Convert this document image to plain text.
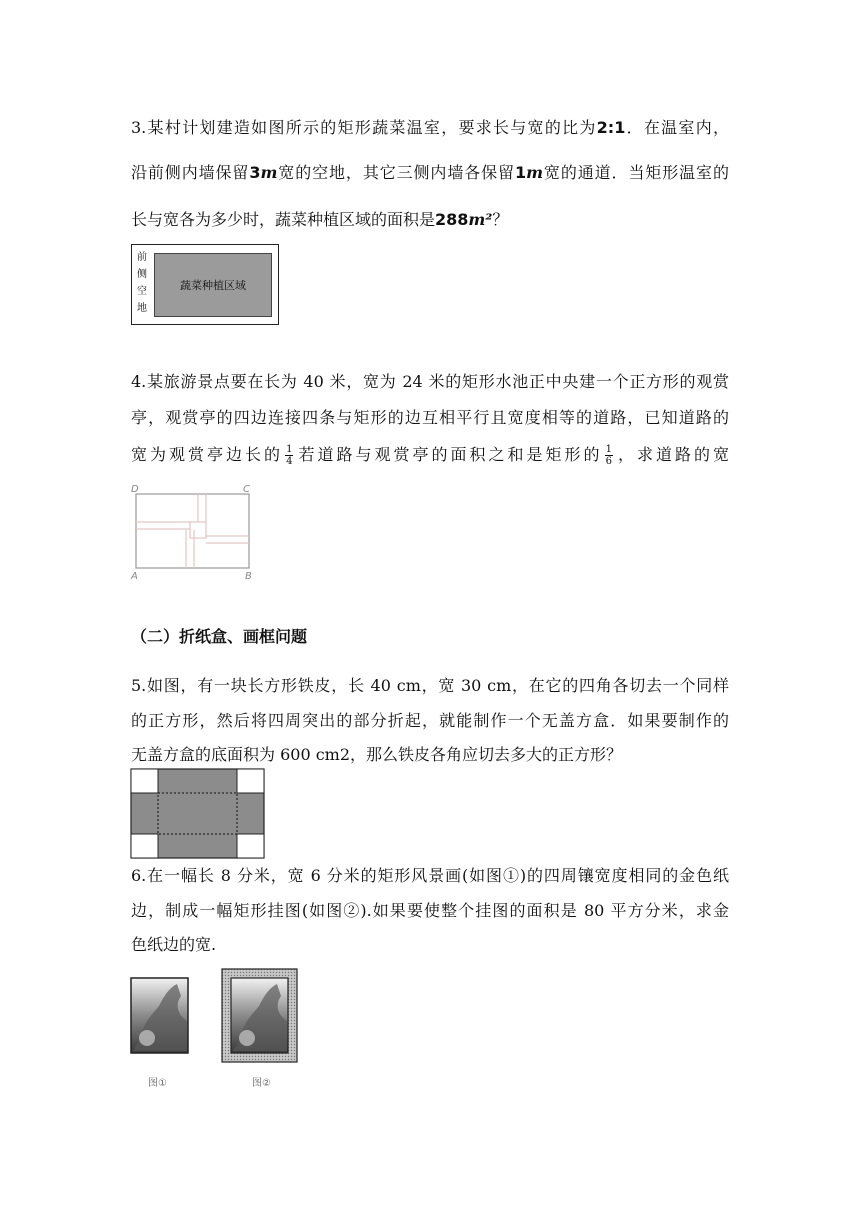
3.某村计划建造如图所示的矩形蔬菜温室，要求长与宽的比为2:1．在温室内，
沿前侧内墙保留3m宽的空地，其它三侧内墙各保留1m宽的通道．当矩形温室的
长与宽各为多少时，蔬菜种植区域的面积是288m²？
前
侧
空
地
蔬菜种植区域
4.某旅游景点要在长为 40 米，宽为 24 米的矩形水池正中央建一个正方形的观赏
亭，观赏亭的四边连接四条与矩形的边互相平行且宽度相等的道路，已知道路的
宽为观赏亭边长的 $\frac{1}{4}$ 若道路与观赏亭的面积之和是矩形的 $\frac{1}{6}$ ，求道路的宽
D	C
A	B
（二）折纸盒、画框问题
5.如图，有一块长方形铁皮，长 40 cm，宽 30 cm，在它的四角各切去一个同样
的正方形，然后将四周突出的部分折起，就能制作一个无盖方盒．如果要制作的
无盖方盒的底面积为 600 cm2，那么铁皮各角应切去多大的正方形？
6.在一幅长 8 分米，宽 6 分米的矩形风景画(如图①)的四周镶宽度相同的金色纸
边，制成一幅矩形挂图(如图②).如果要使整个挂图的面积是 80 平方分米，求金
色纸边的宽.
图①	图②
